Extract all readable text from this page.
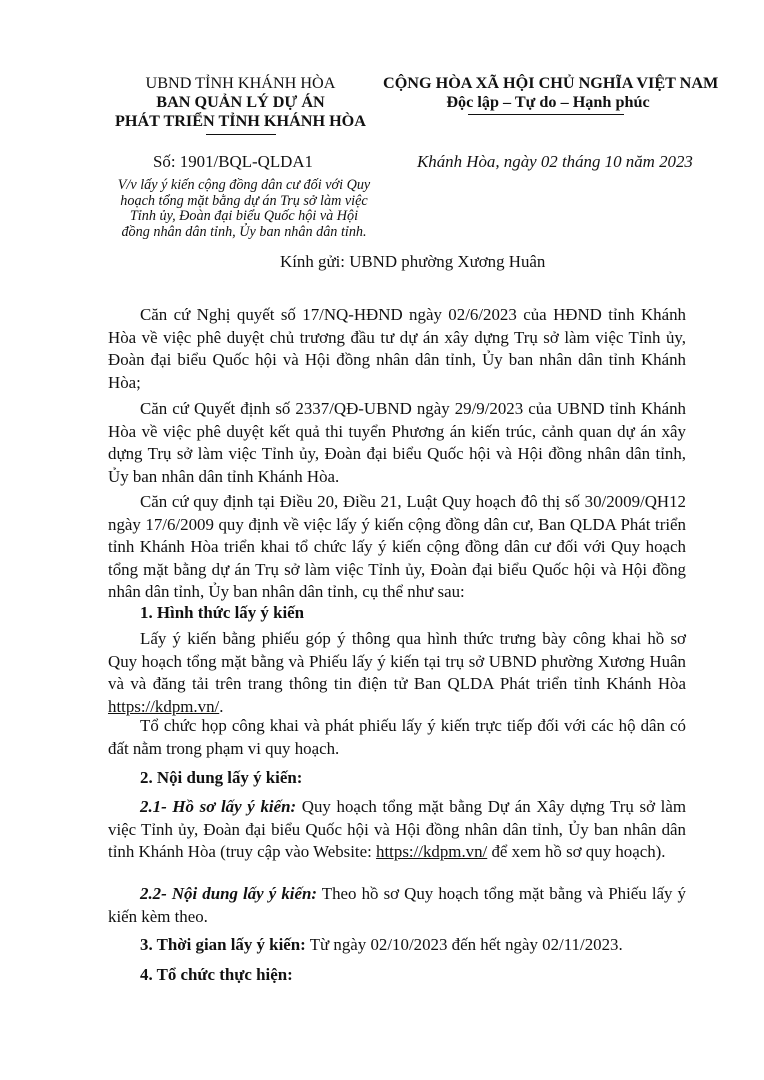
UBND TỈNH KHÁNH HÒA
BAN QUẢN LÝ DỰ ÁN
PHÁT TRIỂN TỈNH KHÁNH HÒA
CỘNG HÒA XÃ HỘI CHỦ NGHĨA VIỆT NAM
Độc lập – Tự do – Hạnh phúc
Số: 1901/BQL-QLDA1	Khánh Hòa, ngày 02 tháng 10 năm 2023
V/v lấy ý kiến cộng đồng dân cư đối với Quy
hoạch tổng mặt bằng dự án Trụ sở làm việc
Tỉnh ủy, Đoàn đại biểu Quốc hội và Hội
đồng nhân dân tỉnh, Ủy ban nhân dân tỉnh.
Kính gửi: UBND phường Xương Huân

Căn cứ Nghị quyết số 17/NQ-HĐND ngày 02/6/2023 của HĐND tỉnh Khánh Hòa về việc phê duyệt chủ trương đầu tư dự án xây dựng Trụ sở làm việc Tỉnh ủy, Đoàn đại biểu Quốc hội và Hội đồng nhân dân tỉnh, Ủy ban nhân dân tỉnh Khánh Hòa;

Căn cứ Quyết định số 2337/QĐ-UBND ngày 29/9/2023 của UBND tỉnh Khánh Hòa về việc phê duyệt kết quả thi tuyển Phương án kiến trúc, cảnh quan dự án xây dựng Trụ sở làm việc Tỉnh ủy, Đoàn đại biểu Quốc hội và Hội đồng nhân dân tỉnh, Ủy ban nhân dân tỉnh Khánh Hòa.

Căn cứ quy định tại Điều 20, Điều 21, Luật Quy hoạch đô thị số 30/2009/QH12 ngày 17/6/2009 quy định về việc lấy ý kiến cộng đồng dân cư, Ban QLDA Phát triển tỉnh Khánh Hòa triển khai tổ chức lấy ý kiến cộng đồng dân cư đối với Quy hoạch tổng mặt bằng dự án Trụ sở làm việc Tỉnh ủy, Đoàn đại biểu Quốc hội và Hội đồng nhân dân tỉnh, Ủy ban nhân dân tỉnh, cụ thể như sau:

1. Hình thức lấy ý kiến

Lấy ý kiến bằng phiếu góp ý thông qua hình thức trưng bày công khai hồ sơ Quy hoạch tổng mặt bằng và Phiếu lấy ý kiến tại trụ sở UBND phường Xương Huân và và đăng tải trên trang thông tin điện tử Ban QLDA Phát triển tỉnh Khánh Hòa https://kdpm.vn/.

Tổ chức họp công khai và phát phiếu lấy ý kiến trực tiếp đối với các hộ dân có đất nằm trong phạm vi quy hoạch.

2. Nội dung lấy ý kiến:

2.1- Hồ sơ lấy ý kiến: Quy hoạch tổng mặt bằng Dự án Xây dựng Trụ sở làm việc Tỉnh ủy, Đoàn đại biểu Quốc hội và Hội đồng nhân dân tỉnh, Ủy ban nhân dân tỉnh Khánh Hòa (truy cập vào Website: https://kdpm.vn/ để xem hồ sơ quy hoạch).

2.2- Nội dung lấy ý kiến: Theo hồ sơ Quy hoạch tổng mặt bằng và Phiếu lấy ý kiến kèm theo.

3. Thời gian lấy ý kiến: Từ ngày 02/10/2023 đến hết ngày 02/11/2023.

4. Tổ chức thực hiện:
